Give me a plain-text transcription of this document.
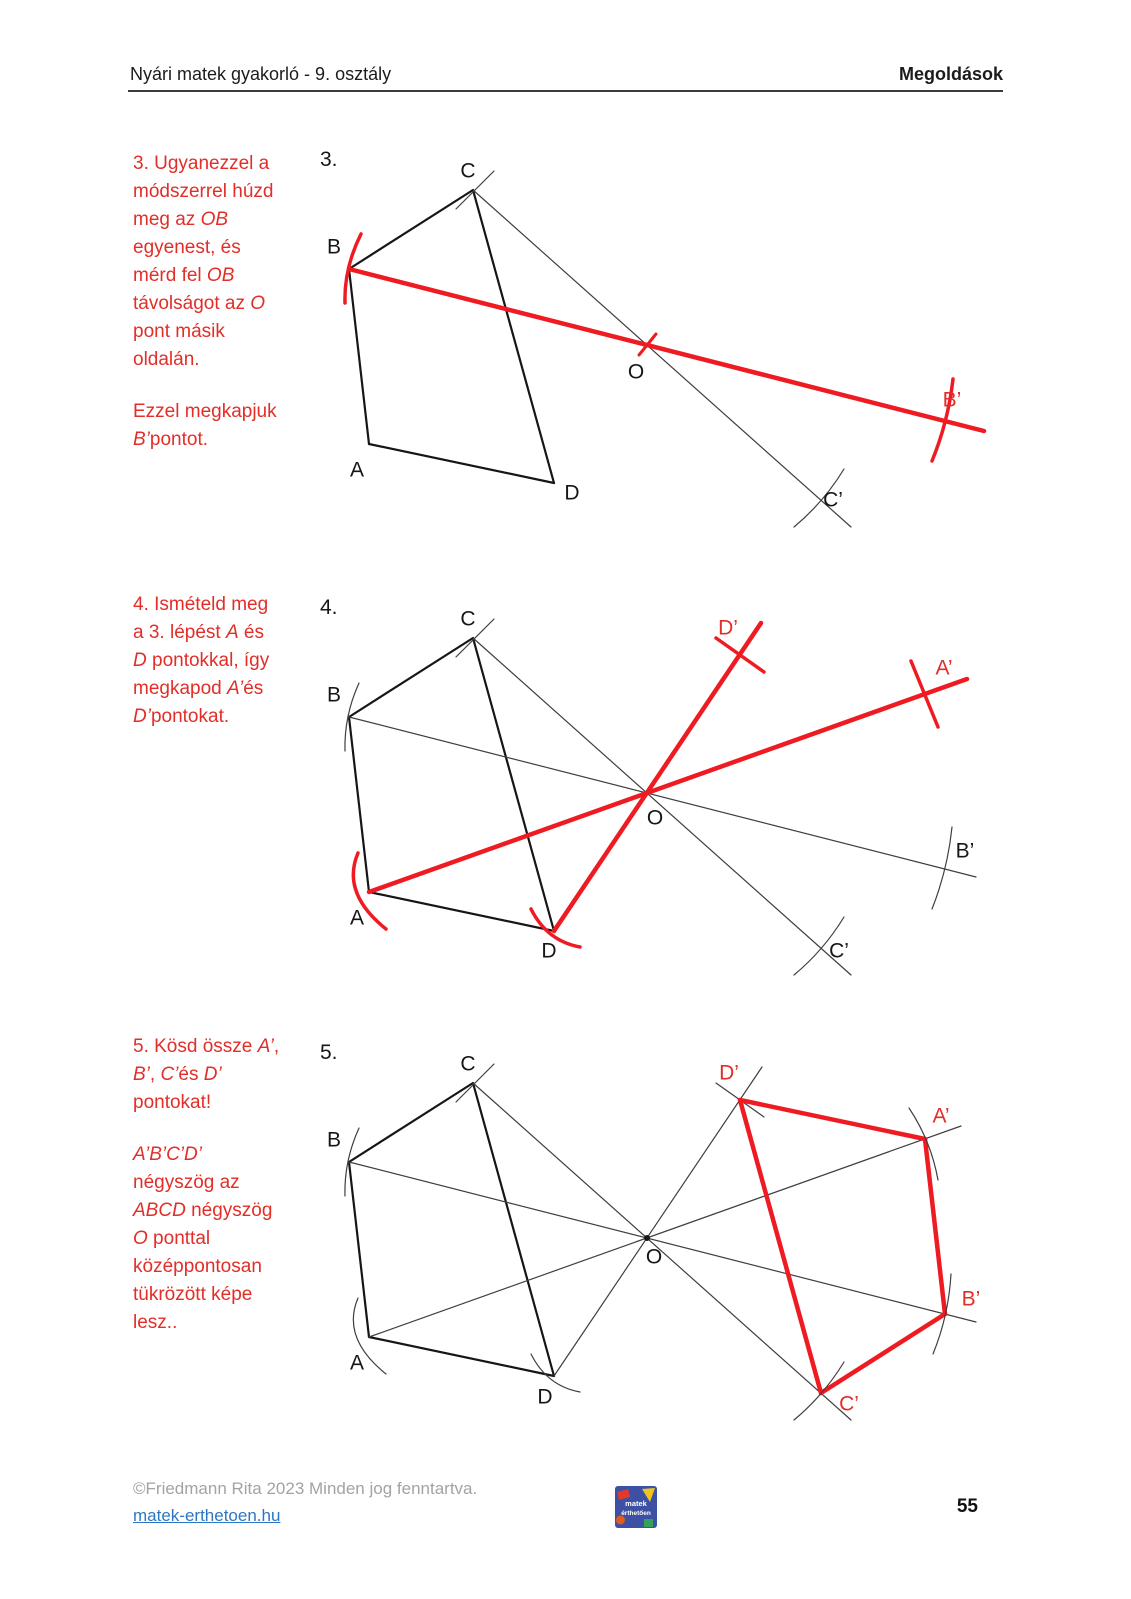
Nyári matek gyakorló - 9. osztály	Megoldások
3. Ugyanezzel a
módszerrel húzd
meg az OB
egyenest, és
mérd fel OB
távolságot az O
pont másik
oldalán.
Ezzel megkapjuk
B’pontot.
3.	C
B
A
D
O
B’
C’
4. Ismételd meg
a 3. lépést A és
D pontokkal, így
megkapod A’és
D’pontokat.
4.	C
B
A
D
O
A’
D’
B’
C’
5. Kösd össze A’,
B’, C’és D’
pontokat!
A’B’C’D’
négyszög az
ABCD négyszög
O ponttal
középpontosan
tükrözött képe
lesz..
5.	C
B
A
D
O
D’
A’
B’
C’
©Friedmann Rita 2023 Minden jog fenntartva.
matek-erthetoen.hu
matek
érthetően	55
